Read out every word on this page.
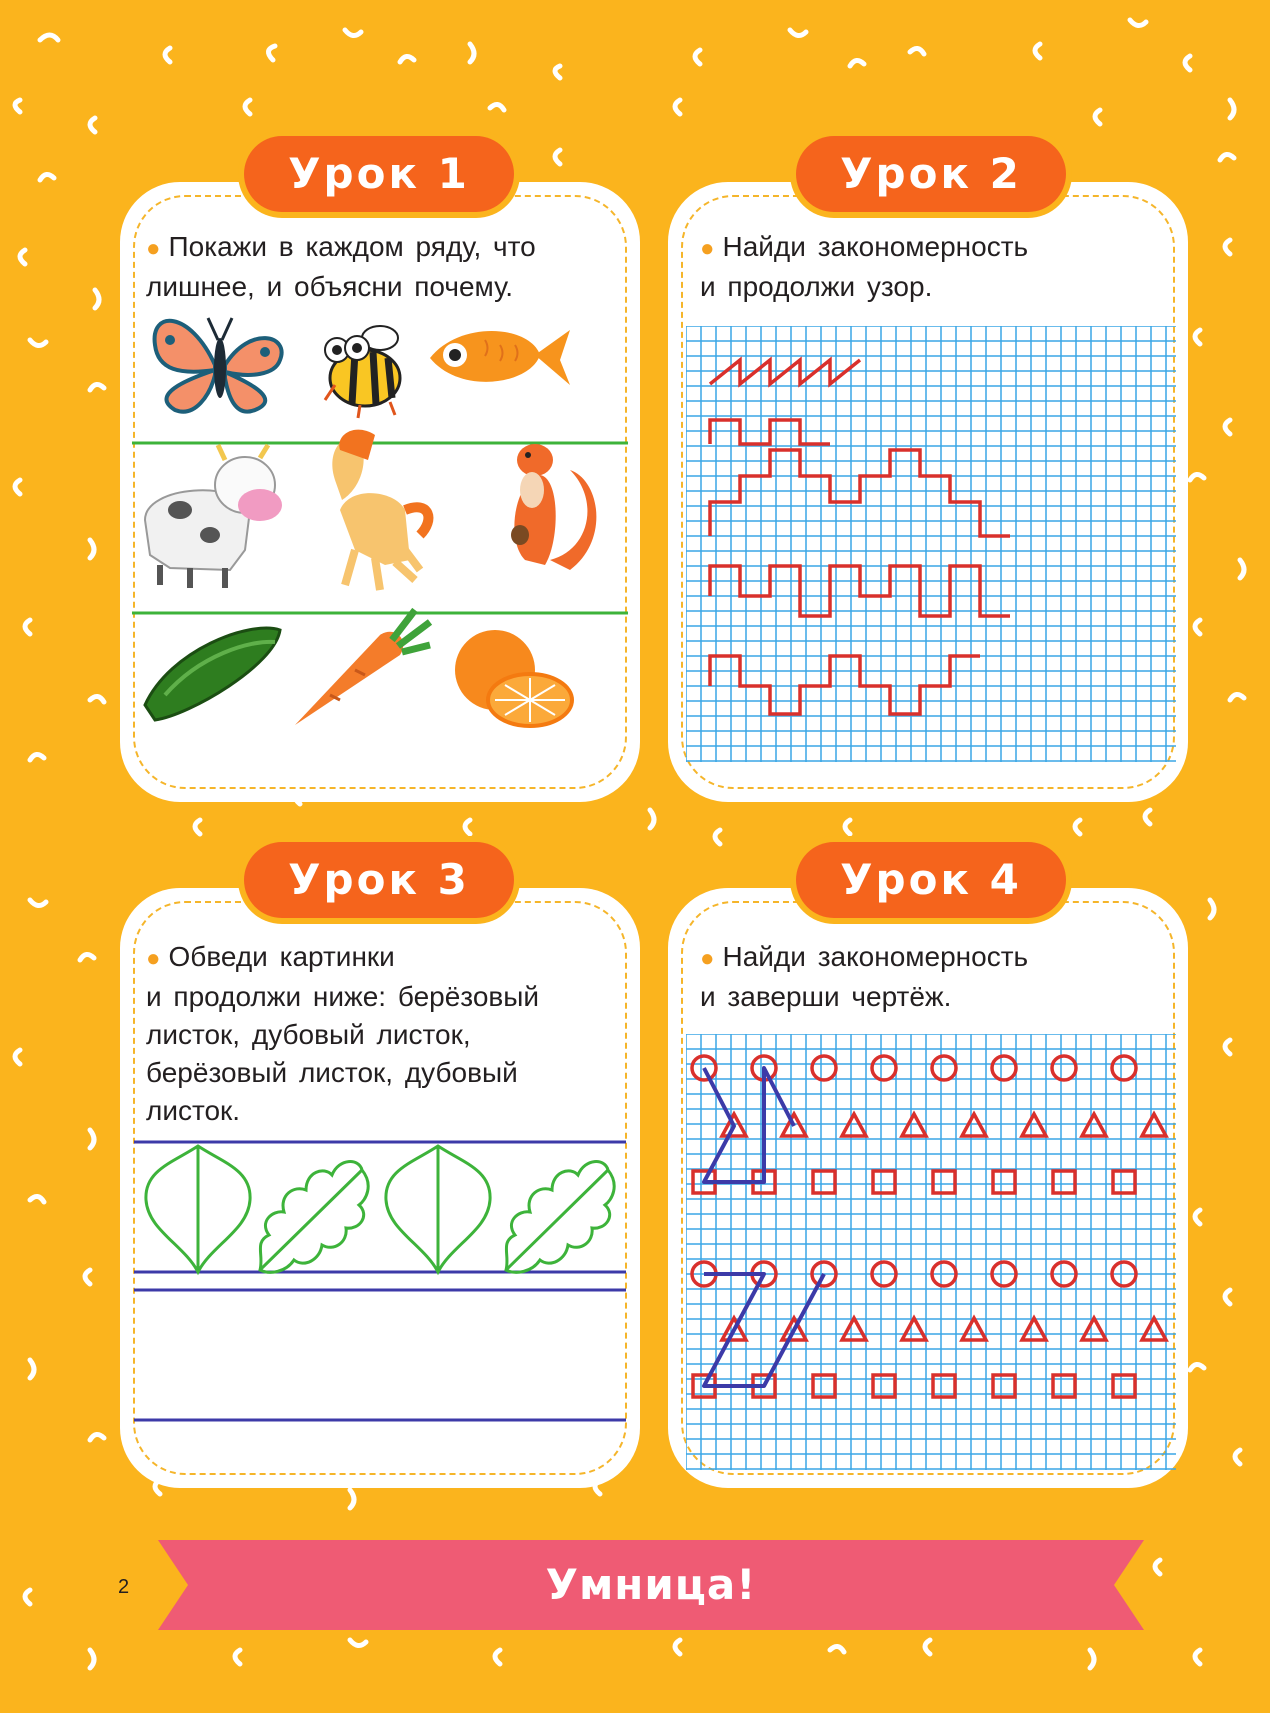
Урок 1
● Покажи в каждом ряду, что
лишнее, и объясни почему.
Урок 2
● Найди закономерность
и продолжи узор.
Урок 3
● Обведи картинки
и продолжи ниже: берёзовый
листок, дубовый листок,
берёзовый листок, дубовый
листок.
Урок 4
● Найди закономерность
и заверши чертёж.
2	Умница!
